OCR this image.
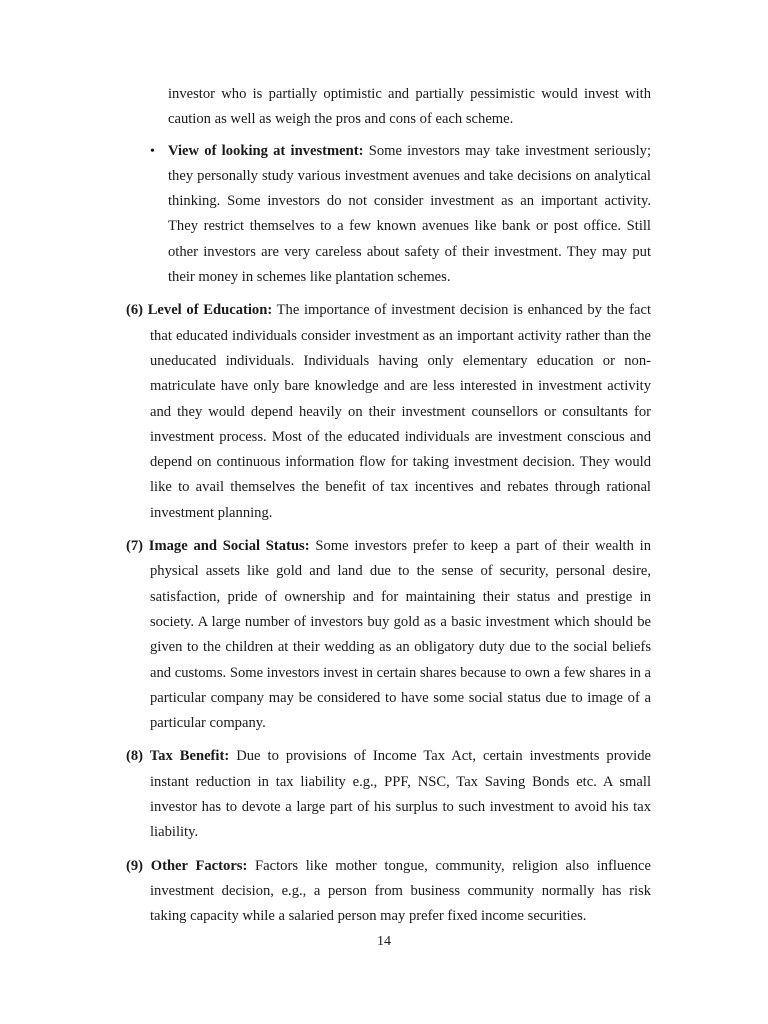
investor who is partially optimistic and partially pessimistic would invest with caution as well as weigh the pros and cons of each scheme.

• View of looking at investment: Some investors may take investment seriously; they personally study various investment avenues and take decisions on analytical thinking. Some investors do not consider investment as an important activity. They restrict themselves to a few known avenues like bank or post office. Still other investors are very careless about safety of their investment. They may put their money in schemes like plantation schemes.

(6) Level of Education: The importance of investment decision is enhanced by the fact that educated individuals consider investment as an important activity rather than the uneducated individuals. Individuals having only elementary education or non-matriculate have only bare knowledge and are less interested in investment activity and they would depend heavily on their investment counsellors or consultants for investment process. Most of the educated individuals are investment conscious and depend on continuous information flow for taking investment decision. They would like to avail themselves the benefit of tax incentives and rebates through rational investment planning.

(7) Image and Social Status: Some investors prefer to keep a part of their wealth in physical assets like gold and land due to the sense of security, personal desire, satisfaction, pride of ownership and for maintaining their status and prestige in society. A large number of investors buy gold as a basic investment which should be given to the children at their wedding as an obligatory duty due to the social beliefs and customs. Some investors invest in certain shares because to own a few shares in a particular company may be considered to have some social status due to image of a particular company.

(8) Tax Benefit: Due to provisions of Income Tax Act, certain investments provide instant reduction in tax liability e.g., PPF, NSC, Tax Saving Bonds etc. A small investor has to devote a large part of his surplus to such investment to avoid his tax liability.

(9) Other Factors: Factors like mother tongue, community, religion also influence investment decision, e.g., a person from business community normally has risk taking capacity while a salaried person may prefer fixed income securities.

14
